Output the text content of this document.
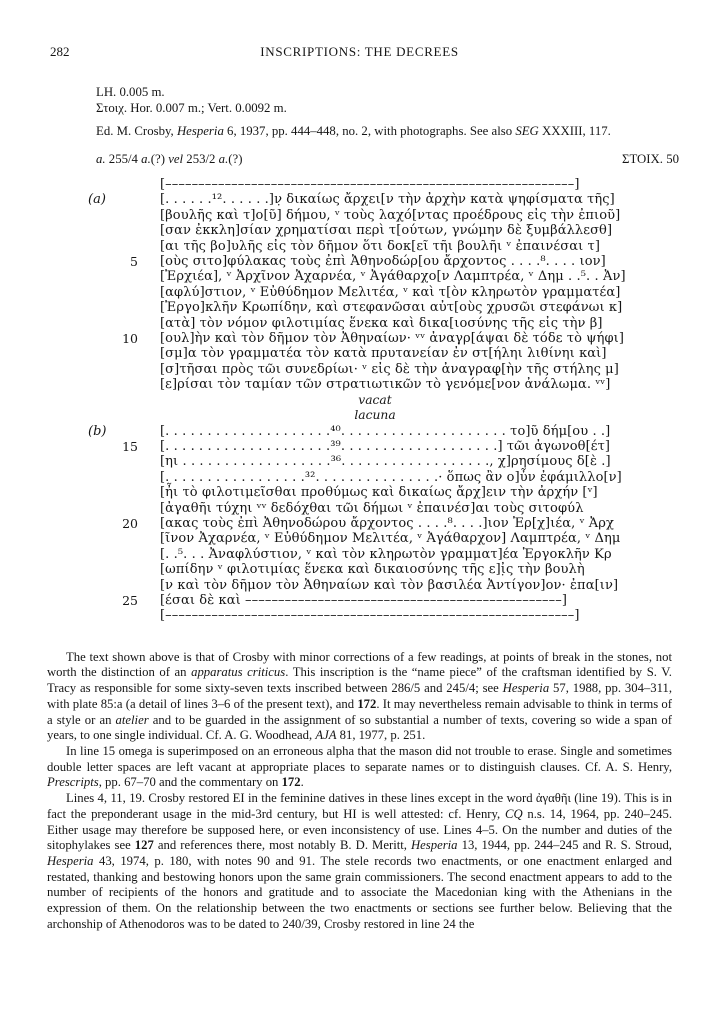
282	INSCRIPTIONS: THE DECREES

LH. 0.005 m.

Στοιχ. Hor. 0.007 m.; Vert. 0.0092 m.

Ed. M. Crosby, Hesperia 6, 1937, pp. 444–448, no. 2, with photographs. See also SEG XXXIII, 117.
a. 255/4 a.(?) vel 253/2 a.(?)	ΣΤΟΙΧ. 50
[––––––––––––––––––––––––––––––––––––––––––––––––––––––––––––––]
(a)	[. . . . . .¹². . . . . .]ν̣ δικαίως ἄρχει[ν τὴν ἀρχὴν κατὰ ψηφίσματα τῆς]
[βουλῆς καὶ τ]ο[ῦ] δήμου, ᵛ τοὺς λαχό[ντας προέδρους εἰς τὴν ἐπιοῦ]
[σαν ἐκκλη]σίαν χρηματίσαι περὶ τ[ούτων, γνώμην δὲ ξυμβάλλεσθ]
[αι τῆς βο]υλῆς εἰς τὸν δῆμον ὅτι δοκ[εῖ τῆι βουλῆι ᵛ ἐπαινέσαι τ]
5 [οὺς σιτο]φύλακας τοὺς ἐπὶ Ἀθηνοδώρ[ου ἄρχοντος . . . .⁸. . . . ιον]
[Ἐρχιέα], ᵛ Ἀρχῖνον Ἀχαρνέα, ᵛ Ἀγάθαρχο[ν Λαμπτρέα, ᵛ Δημ . .⁵. . Ἀν]
[αφλύ]στιον, ᵛ Εὐθύδημον Μελιτέα, ᵛ καὶ τ[ὸν κληρωτὸν γραμματέα]
[Ἐργο]κλῆν Κρωπίδην, καὶ στεφανῶσαι αὐτ[οὺς χρυσῶι στεφάνωι κ]
[ατὰ] τὸν νόμον φιλοτιμίας ἕνεκα καὶ δικα[ιοσύνης τῆς εἰς τὴν β]
10 [ουλ]ὴν καὶ τὸν δῆμον τὸν Ἀθηναίων· ᵛᵛ ἀναγρ[άψαι δὲ τόδε τὸ ψήφι]
[σμ]α τὸν γραμματέα τὸν κατὰ πρυτανείαν ἐν στ[ήληι λιθίνηι καὶ]
[σ]τῆσαι πρὸς τῶι συνεδρίωι· ᵛ εἰς δὲ τὴν ἀναγραφ̣[ὴν τῆς στήλης μ]
[ε]ρίσαι τὸν ταμίαν τῶν στρατιωτικῶν τὸ γενόμε[νον ἀνάλωμα. ᵛᵛ]
vacat
lacuna
(b)	[. . . . . . . . . . . . . . . . . . . .⁴⁰. . . . . . . . . . . . . . . . . . . . το]ῦ δήμ[ου . .]
15 [. . . . . . . . . . . . . . . . . . . .³⁹. . . . . . . . . . . . . . . . . . .] τῶι ἀγωνοθ[έτ]
[ηι . . . . . . . . . . . . . . . . . .³⁶. . . . . . . . . . . . . . . . . ., χ]ρησίμους δ[ὲ .]
[. . . . . . . . . . . . . . . . .³². . . . . . . . . . . . . . .· ὅπως ἂν ο]ὖν ἐφάμιλλο[ν]
[ἦι τὸ φιλοτιμεῖσθαι προθύμως καὶ δικαίως ἄρχ]ειν τὴν ἀρχήν [ᵛ]
[ἀγαθῆι τύχηι ᵛᵛ δεδόχθαι τῶι δήμωι ᵛ ἐπαινέσ]αι τοὺς σιτοφύλ
20 [ακας τοὺς ἐπὶ Ἀθηνοδώρου ἄρχοντος . . . .⁸. . . .]ιον Ἐρ[χ]ιέα, ᵛ Ἀρχ
[ῖνον Ἀχαρνέα, ᵛ Εὐθύδημον Μελιτέα, ᵛ Ἀγάθαρχον] Λαμπτρέα, ᵛ Δημ
[. .⁵. . . Ἀναφλύστιον, ᵛ καὶ τὸν κληρωτὸν γραμματ]έα Ἐργοκλῆν Κρ
[ωπίδην ᵛ φιλοτιμίας ἕνεκα καὶ δικαιοσύνης τῆς ε]ἰ̣ς τὴν βουλὴ
[ν καὶ τὸν δῆμον τὸν Ἀθηναίων καὶ τὸν βασιλέα Ἀντίγον]ον· ἐπα[ιν]
25 [έσαι δὲ καὶ ––––––––––––––––––––––––––––––––––––––––––––––––]
[––––––––––––––––––––––––––––––––––––––––––––––––––––––––––––––]

The text shown above is that of Crosby with minor corrections of a few readings, at points of break in the stones, not worth the distinction of an apparatus criticus. This inscription is the “name piece” of the craftsman identified by S. V. Tracy as responsible for some sixty-seven texts inscribed between 286/5 and 245/4; see Hesperia 57, 1988, pp. 304–311, with plate 85:a (a detail of lines 3–6 of the present text), and 172. It may nevertheless remain advisable to think in terms of a style or an atelier and to be guarded in the assignment of so substantial a number of texts, covering so wide a span of years, to one single individual. Cf. A. G. Woodhead, AJA 81, 1977, p. 251.

In line 15 omega is superimposed on an erroneous alpha that the mason did not trouble to erase. Single and sometimes double letter spaces are left vacant at appropriate places to separate names or to distinguish clauses. Cf. A. S. Henry, Prescripts, pp. 67–70 and the commentary on 172.

Lines 4, 11, 19. Crosby restored EI in the feminine datives in these lines except in the word ἀγαθῆι (line 19). This is in fact the preponderant usage in the mid-3rd century, but HI is well attested: cf. Henry, CQ n.s. 14, 1964, pp. 240–245. Either usage may therefore be supposed here, or even inconsistency of use. Lines 4–5. On the number and duties of the sitophylakes see 127 and references there, most notably B. D. Meritt, Hesperia 13, 1944, pp. 244–245 and R. S. Stroud, Hesperia 43, 1974, p. 180, with notes 90 and 91. The stele records two enactments, or one enactment enlarged and restated, thanking and bestowing honors upon the same grain commissioners. The second enactment appears to add to the number of recipients of the honors and gratitude and to associate the Macedonian king with the Athenians in the expression of them. On the relationship between the two enactments or sections see further below. Believing that the archonship of Athenodoros was to be dated to 240/39, Crosby restored in line 24 the
